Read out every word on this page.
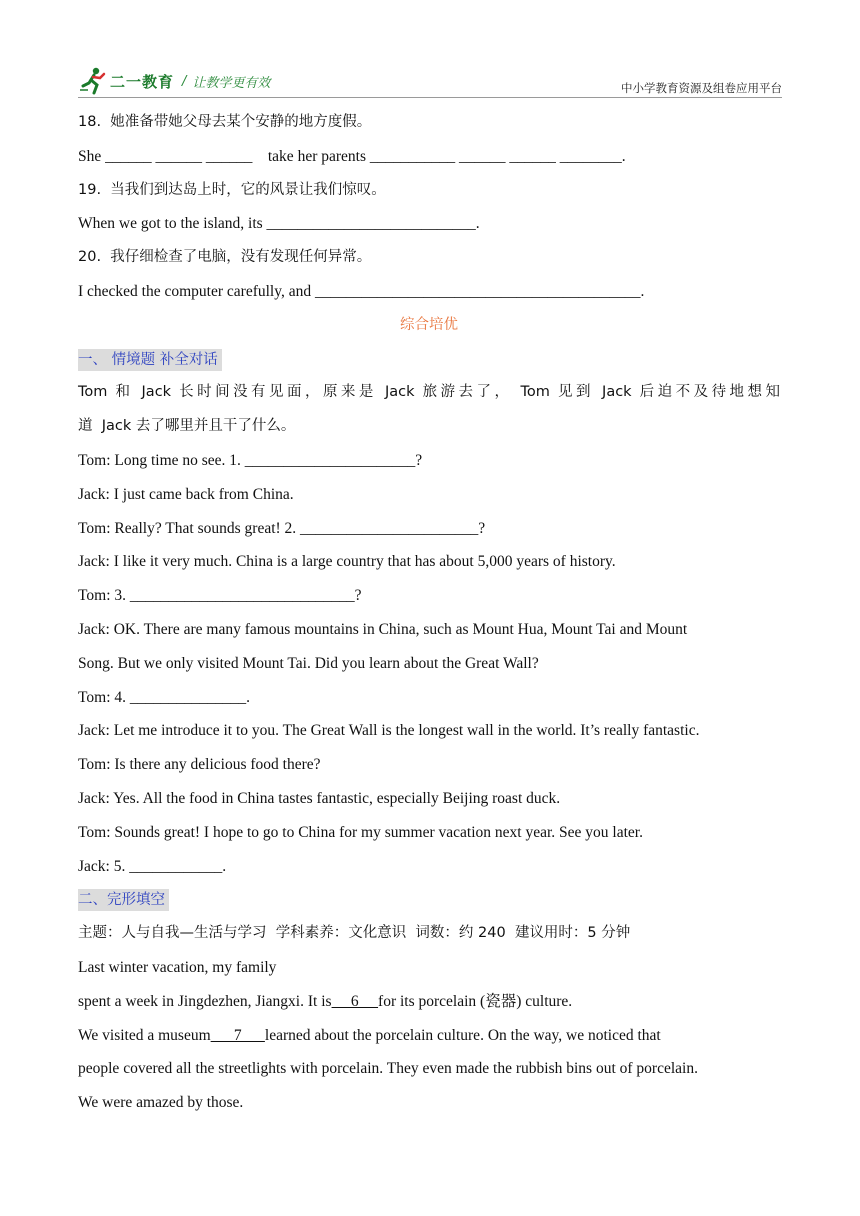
二一教育 / 让教学更有效	中小学教育资源及组卷应用平台
18.  她准备带她父母去某个安静的地方度假。
She ______ ______ ______    take her parents ___________ ______ ______ ________.
19.  当我们到达岛上时，它的风景让我们惊叹。
When we got to the island, its ___________________________.
20.  我仔细检查了电脑，没有发现任何异常。
I checked the computer carefully, and __________________________________________.
综合培优
一、 情境题 补全对话
Tom 和 Jack 长时间没有见面，原来是 Jack 旅游去了， Tom 见到 Jack 后迫不及待地想知
道  Jack 去了哪里并且干了什么。
Tom: Long time no see. 1. ______________________?
Jack: I just came back from China.
Tom: Really? That sounds great! 2. _______________________?
Jack: I like it very much. China is a large country that has about 5,000 years of history.
Tom: 3. _____________________________?
Jack: OK. There are many famous mountains in China, such as Mount Hua, Mount Tai and Mount
Song. But we only visited Mount Tai. Did you learn about the Great Wall?
Tom: 4. _______________.
Jack: Let me introduce it to you. The Great Wall is the longest wall in the world. It’s really fantastic.
Tom: Is there any delicious food there?
Jack: Yes. All the food in China tastes fantastic, especially Beijing roast duck.
Tom: Sounds great! I hope to go to China for my summer vacation next year. See you later.
Jack: 5. ____________.
二、完形填空
主题：人与自我—生活与学习  学科素养：文化意识  词数：约 240  建议用时：5 分钟
Last winter vacation, my family
spent a week in Jingdezhen, Jiangxi. It is     6     for its porcelain (瓷器) culture.
We visited a museum      7      learned about the porcelain culture. On the way, we noticed that
people covered all the streetlights with porcelain. They even made the rubbish bins out of porcelain.
We were amazed by those.
